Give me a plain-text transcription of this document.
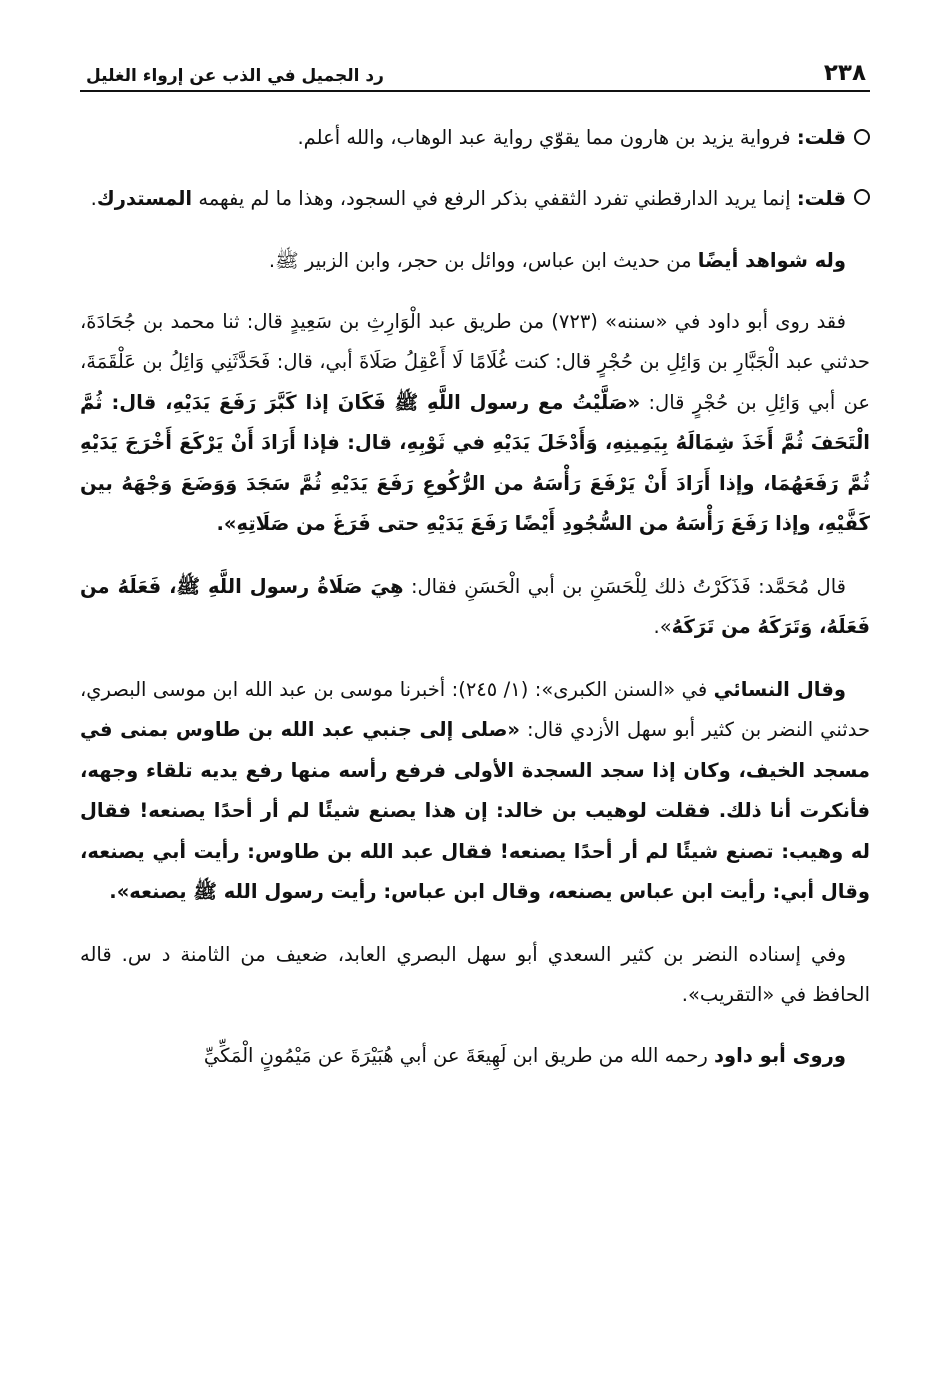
٢٣٨
رد الجميل في الذب عن إرواء الغليل

قلت: فرواية يزيد بن هارون مما يقوّي رواية عبد الوهاب، والله أعلم.

قلت: إنما يريد الدارقطني تفرد الثقفي بذكر الرفع في السجود، وهذا ما لم يفهمه المستدرك.

وله شواهد أيضًا من حديث ابن عباس، ووائل بن حجر، وابن الزبير ﷺ.

فقد روى أبو داود في «سننه» (٧٢٣) من طريق عبد الْوَارِثِ بن سَعِيدٍ قال: ثنا محمد بن جُحَادَةَ، حدثني عبد الْجَبَّارِ بن وَائِلِ بن حُجْرٍ قال: كنت غُلَامًا لَا أَعْقِلُ صَلَاةَ أبي، قال: فَحَدَّثَنِي وَائِلُ بن عَلْقَمَةَ، عن أبي وَائِلِ بن حُجْرٍ قال: «صَلَّيْتُ مع رسول اللَّهِ ﷺ فَكَانَ إذا كَبَّرَ رَفَعَ يَدَيْهِ، قال: ثُمَّ الْتَحَفَ ثُمَّ أَخَذَ شِمَالَهُ بِيَمِينِهِ، وَأَدْخَلَ يَدَيْهِ في ثَوْبِهِ، قال: فإذا أَرَادَ أَنْ يَرْكَعَ أَخْرَجَ يَدَيْهِ ثُمَّ رَفَعَهُمَا، وإذا أَرَادَ أَنْ يَرْفَعَ رَأْسَهُ من الرُّكُوعِ رَفَعَ يَدَيْهِ ثُمَّ سَجَدَ وَوَضَعَ وَجْهَهُ بين كَفَّيْهِ، وإذا رَفَعَ رَأْسَهُ من السُّجُودِ أَيْضًا رَفَعَ يَدَيْهِ حتى فَرَغَ من صَلَاتِهِ».

قال مُحَمَّد: فَذَكَرْتُ ذلك لِلْحَسَنِ بن أبي الْحَسَنِ فقال: هِيَ صَلَاةُ رسول اللَّهِ ﷺ، فَعَلَهُ من فَعَلَهُ، وَتَرَكَهُ من تَرَكَهُ».

وقال النسائي في «السنن الكبرى»: (١/ ٢٤٥): أخبرنا موسى بن عبد الله ابن موسى البصري، حدثني النضر بن كثير أبو سهل الأزدي قال: «صلى إلى جنبي عبد الله بن طاوس بمنى في مسجد الخيف، وكان إذا سجد السجدة الأولى فرفع رأسه منها رفع يديه تلقاء وجهه، فأنكرت أنا ذلك. فقلت لوهيب بن خالد: إن هذا يصنع شيئًا لم أر أحدًا يصنعه! فقال له وهيب: تصنع شيئًا لم أر أحدًا يصنعه! فقال عبد الله بن طاوس: رأيت أبي يصنعه، وقال أبي: رأيت ابن عباس يصنعه، وقال ابن عباس: رأيت رسول الله ﷺ يصنعه».

وفي إسناده النضر بن كثير السعدي أبو سهل البصري العابد، ضعيف من الثامنة د س. قاله الحافظ في «التقريب».

وروى أبو داود رحمه الله من طريق ابن لَهِيعَةَ عن أبي هُبَيْرَةَ عن مَيْمُونٍ الْمَكِّيِّ
